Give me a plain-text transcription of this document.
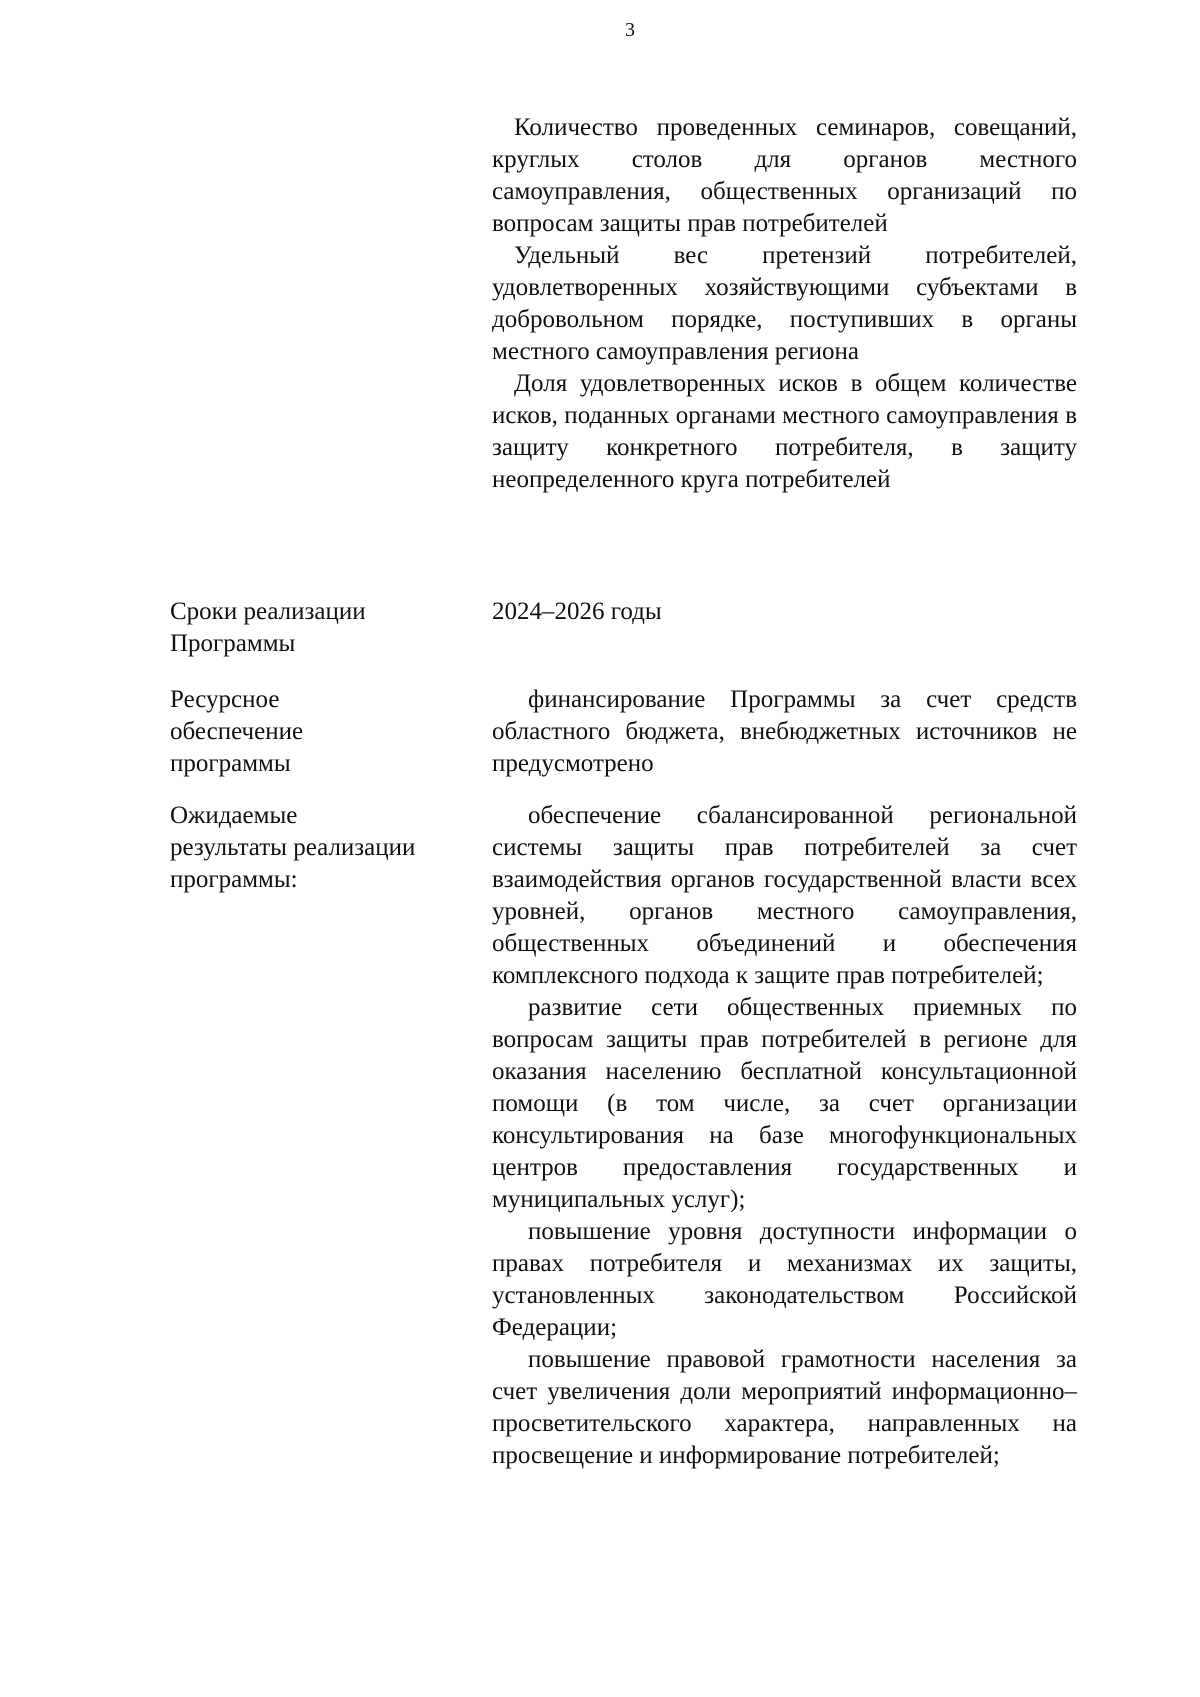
3

Количество проведенных семинаров, совещаний, круглых столов для органов местного самоуправления, общественных организаций по вопросам защиты прав потребителей

Удельный вес претензий потребителей, удовлетворенных хозяйствующими субъектами в добровольном порядке, поступивших в органы местного самоуправления региона

Доля удовлетворенных исков в общем количестве исков, поданных органами местного самоуправления в защиту конкретного потребителя, в защиту неопределенного круга потребителей

Сроки реализации
Программы

2024–2026 годы

Ресурсное
обеспечение
программы

финансирование Программы за счет средств областного бюджета, внебюджетных источников не предусмотрено

Ожидаемые
результаты реализации
программы:

обеспечение сбалансированной региональной системы защиты прав потребителей за счет взаимодействия органов государственной власти всех уровней, органов местного самоуправления, общественных объединений и обеспечения комплексного подхода к защите прав потребителей;

развитие сети общественных приемных по вопросам защиты прав потребителей в регионе для оказания населению бесплатной консультационной помощи (в том числе, за счет организации консультирования на базе многофункциональных центров предоставления государственных и муниципальных услуг);

повышение уровня доступности информации о правах потребителя и механизмах их защиты, установленных законодательством Российской Федерации;

повышение правовой грамотности населения за счет увеличения доли мероприятий информационно–просветительского характера, направленных на просвещение и информирование потребителей;
